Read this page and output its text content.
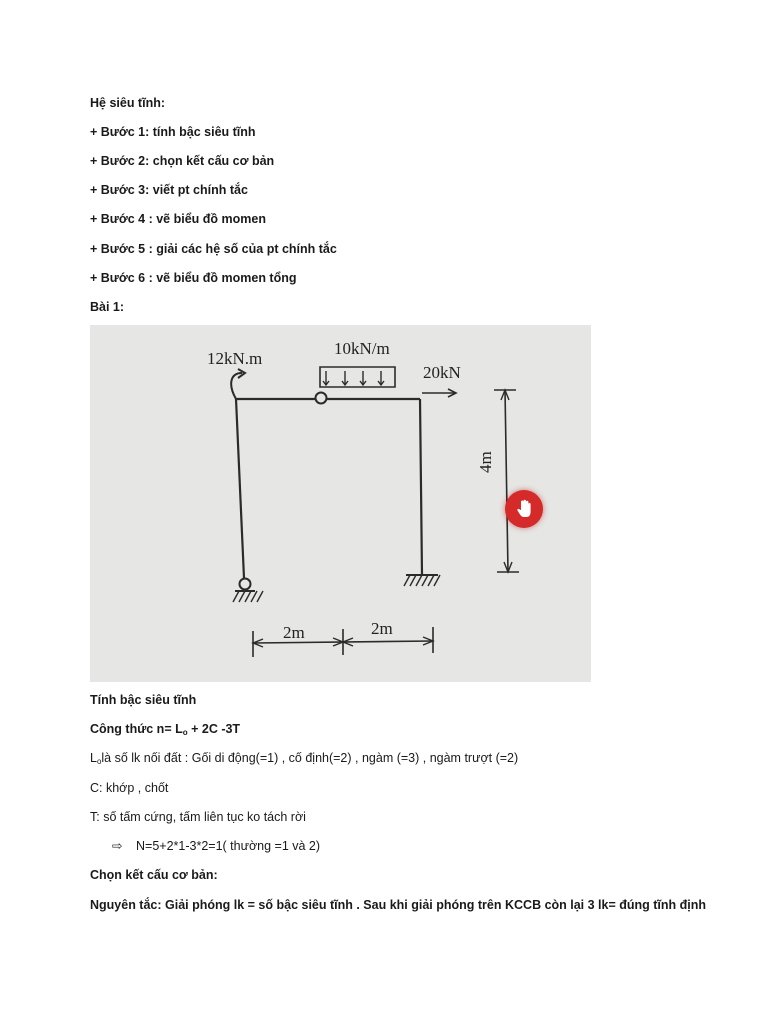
Hệ siêu tĩnh:
+ Bước 1: tính bậc siêu tĩnh
+ Bước 2: chọn kết cấu cơ bản
+ Bước 3: viết pt chính tắc
+ Bước 4 : vẽ biểu đồ momen
+ Bước 5 : giải các hệ số của pt chính tắc
+ Bước 6 : vẽ biểu đồ momen tổng
Bài 1:
12kN.m
10kN/m
20kN
4m
2m	2m
Tính bậc siêu tĩnh
Công thức $n= L_o + 2C$ -3T
$L_olà$ số lk nối đất : Gối di động(=1) , cố định(=2) , ngàm (=3) , ngàm trượt (=2)
C: khớp , chốt
T: số tấm cứng, tấm liên tục ko tách rời
⇨ N=5+2*1-3*2=1( thường =1 và 2)
Chọn kết cấu cơ bản:
Nguyên tắc: Giải phóng lk = số bậc siêu tĩnh . Sau khi giải phóng trên KCCB còn lại 3 lk= đúng tĩnh định
